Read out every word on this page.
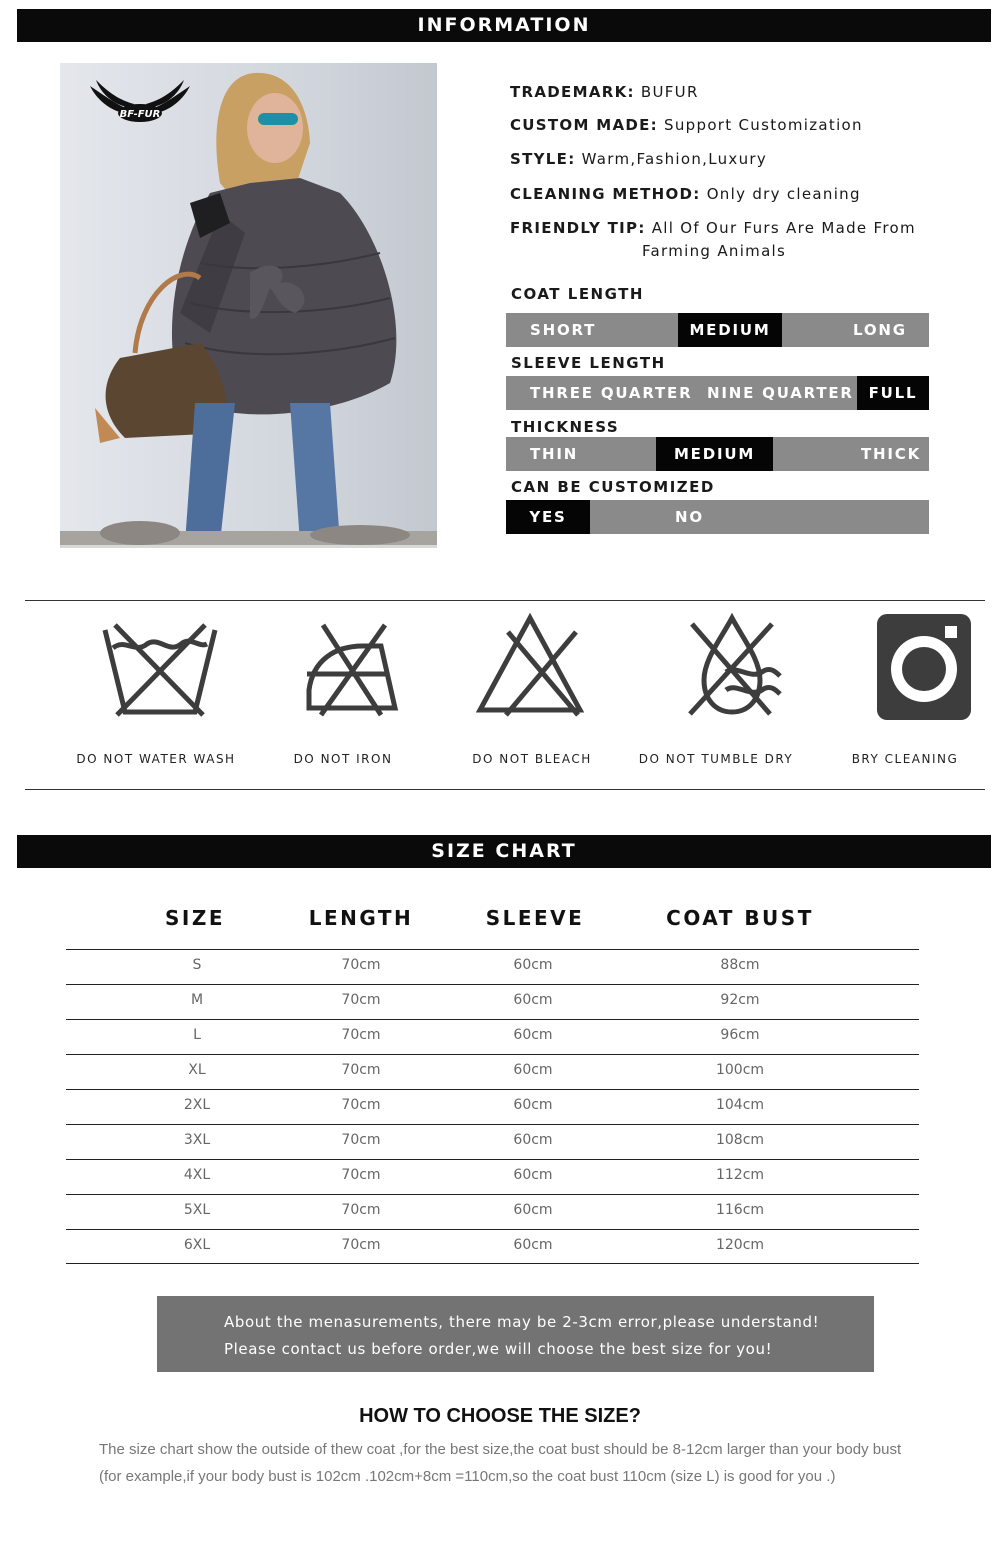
INFORMATION
BF-FUR
TRADEMARK: BUFUR
CUSTOM MADE: Support Customization
STYLE: Warm,Fashion,Luxury
CLEANING METHOD: Only dry cleaning
FRIENDLY TIP: All Of Our Furs Are Made From
Farming Animals
COAT LENGTH
SHORT	MEDIUM	LONG
SLEEVE LENGTH
THREE QUARTER NINE QUARTER FULL
THICKNESS
THIN	MEDIUM	THICK
CAN BE CUSTOMIZED
YES	NO
DO NOT WATER WASH	DO NOT IRON	DO NOT BLEACH	DO NOT TUMBLE DRY	BRY CLEANING
SIZE CHART
SIZE	LENGTH	SLEEVE	COAT BUST
S	70cm	60cm	88cm
M	70cm	60cm	92cm
L	70cm	60cm	96cm
XL	70cm	60cm	100cm
2XL	70cm	60cm	104cm
3XL	70cm	60cm	108cm
4XL	70cm	60cm	112cm
5XL	70cm	60cm	116cm
6XL	70cm	60cm	120cm
About the menasurements, there may be 2-3cm error,please understand!
Please contact us before order,we will choose the best size for you!
HOW TO CHOOSE THE SIZE?
The size chart show the outside of thew coat ,for the best size,the coat bust should be 8-12cm larger than your body bust (for example,if your body bust is 102cm .102cm+8cm =110cm,so the coat bust 110cm (size L) is good for you .)
